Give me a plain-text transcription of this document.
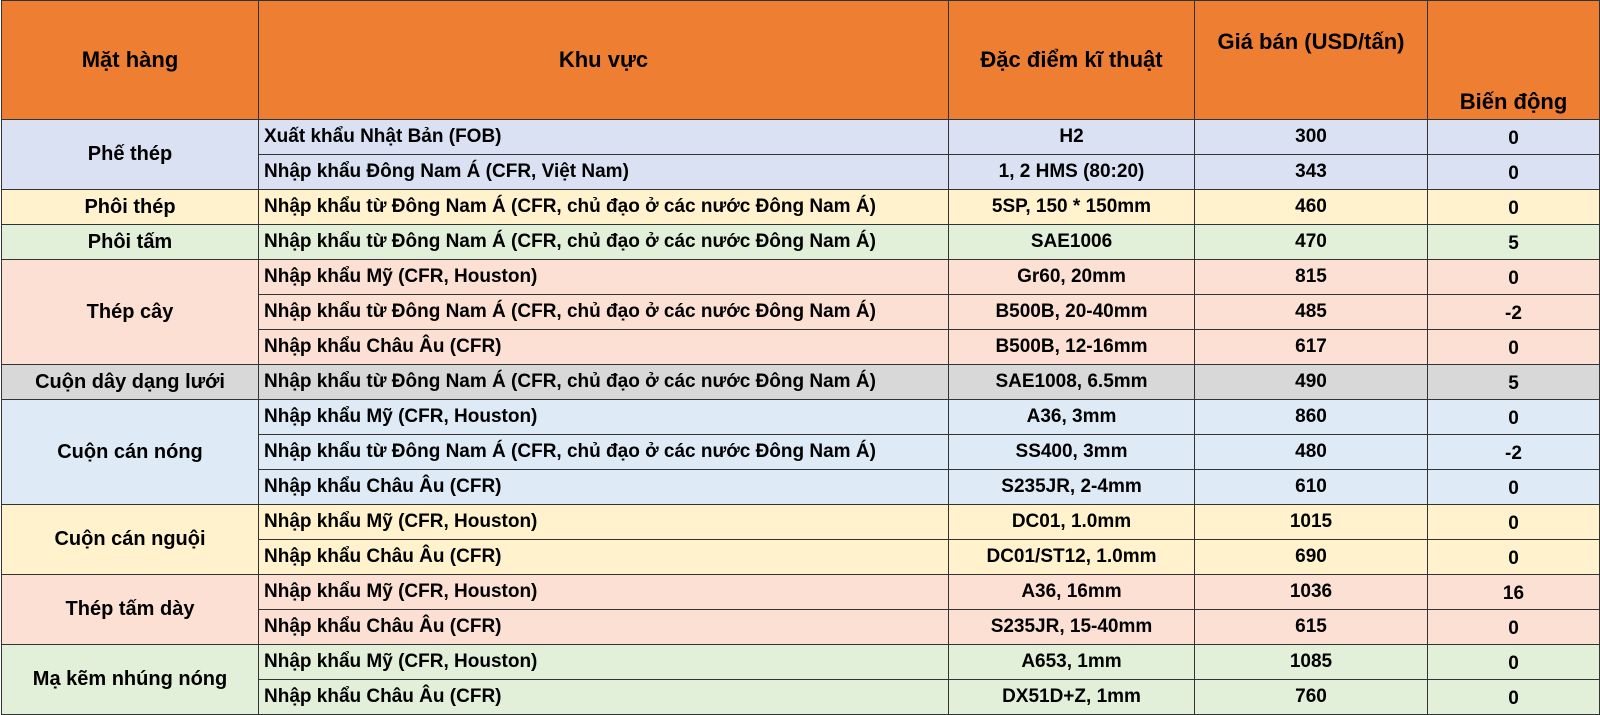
Mặt hàng	Khu vực	Đặc điểm kĩ thuật	Giá bán (USD/tấn)	Biến động
Phế thép	Xuất khẩu Nhật Bản (FOB)	H2	300	0
	Nhập khẩu Đông Nam Á (CFR, Việt Nam)	1, 2 HMS (80:20)	343	0
Phôi thép	Nhập khẩu từ Đông Nam Á (CFR, chủ đạo ở các nước Đông Nam Á)	5SP, 150 * 150mm	460	0
Phôi tấm	Nhập khẩu từ Đông Nam Á (CFR, chủ đạo ở các nước Đông Nam Á)	SAE1006	470	5
Thép cây	Nhập khẩu Mỹ (CFR, Houston)	Gr60, 20mm	815	0
	Nhập khẩu từ Đông Nam Á (CFR, chủ đạo ở các nước Đông Nam Á)	B500B, 20-40mm	485	-2
	Nhập khẩu Châu Âu (CFR)	B500B, 12-16mm	617	0
Cuộn dây dạng lưới	Nhập khẩu từ Đông Nam Á (CFR, chủ đạo ở các nước Đông Nam Á)	SAE1008, 6.5mm	490	5
Cuộn cán nóng	Nhập khẩu Mỹ (CFR, Houston)	A36, 3mm	860	0
	Nhập khẩu từ Đông Nam Á (CFR, chủ đạo ở các nước Đông Nam Á)	SS400, 3mm	480	-2
	Nhập khẩu Châu Âu (CFR)	S235JR, 2-4mm	610	0
Cuộn cán nguội	Nhập khẩu Mỹ (CFR, Houston)	DC01, 1.0mm	1015	0
	Nhập khẩu Châu Âu (CFR)	DC01/ST12, 1.0mm	690	0
Thép tấm dày	Nhập khẩu Mỹ (CFR, Houston)	A36, 16mm	1036	16
	Nhập khẩu Châu Âu (CFR)	S235JR, 15-40mm	615	0
Mạ kẽm nhúng nóng	Nhập khẩu Mỹ (CFR, Houston)	A653, 1mm	1085	0
	Nhập khẩu Châu Âu (CFR)	DX51D+Z, 1mm	760	0
